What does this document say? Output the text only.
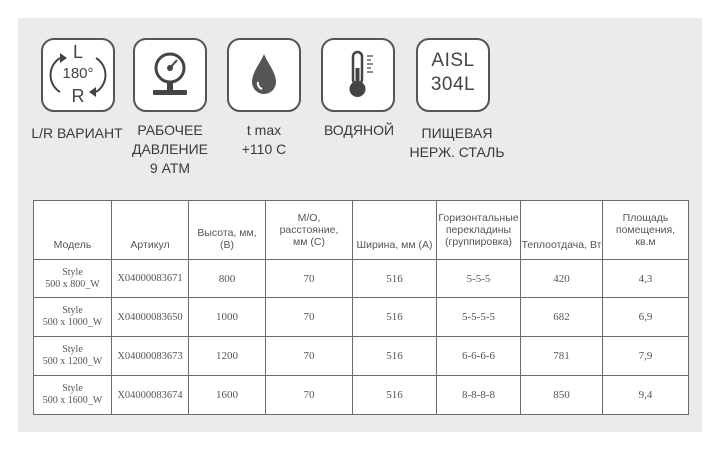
L
180°
R
AISL
304L
L/R ВАРИАНТ	РАБОЧЕЕ
ДАВЛЕНИЕ
9 АТМ
t max
+110 C
ВОДЯНОЙ	ПИЩЕВАЯ
НЕРЖ. СТАЛЬ
Модель	Артикул	Высота, мм, (В)	М/О, расстояние, мм (С)	Ширина, мм (А)	Горизонтальные перекладины (группировка)	Теплоотдача, Вт	Площадь помещения, кв.м

Style
500 x 800_W	X04000083671	800	70	516	5-5-5	420	4,3

Style
500 x 1000_W	X04000083650	1000	70	516	5-5-5-5	682	6,9

Style
500 x 1200_W	X04000083673	1200	70	516	6-6-6-6	781	7,9

Style
500 x 1600_W	X04000083674	1600	70	516	8-8-8-8	850	9,4
